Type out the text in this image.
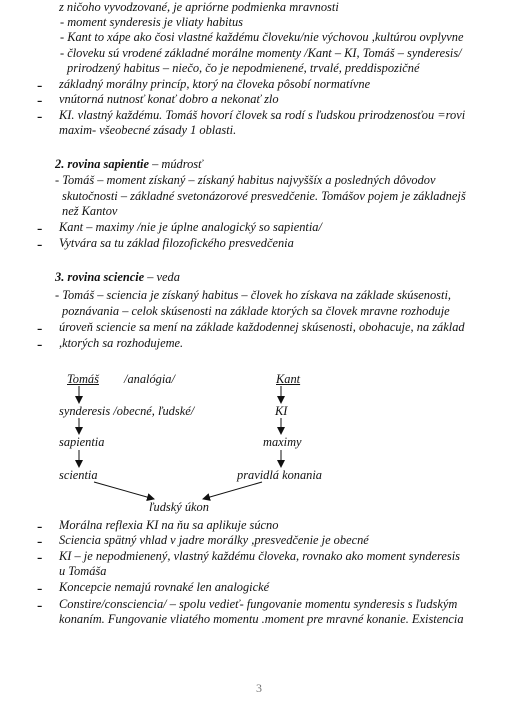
z ničoho vyvodzované, je apriórne podmienka mravnosti
- moment synderesis je vliaty habitus
- Kant to xápe ako čosi vlastné každému človeku/nie výchovou ,kultúrou ovplyvne
- človeku sú vrodené základné morálne momenty /Kant – KI, Tomáš – synderesis/
prirodzený habitus – niečo, čo je nepodmienené, trvalé, preddispozičné
- základný morálny princíp, ktorý na človeka pôsobí normatívne
- vnútorná nutnosť konať dobro a nekonať zlo
- KI. vlastný každému. Tomáš hovorí človek sa rodí s ľudskou prirodzenosťou =rovi
maxim- všeobecné zásady 1 oblasti.
2. rovina sapientie – múdrosť
- Tomáš – moment získaný – získaný habitus najvyššíx a posledných dôvodov
skutočnosti – základné svetonázorové presvedčenie. Tomášov pojem je základnejš
než Kantov
- Kant – maximy /nie je úplne analogický so sapientia/
- Vytvára sa tu základ filozofického presvedčenia
3. rovina sciencie – veda
- Tomáš – sciencia je získaný habitus – človek ho získava na základe skúsenosti,
poznávania – celok skúsenosti na základe ktorých sa človek mravne rozhoduje
- úroveň sciencie sa mení na základe každodennej skúsenosti, obohacuje, na základ
- ,ktorých sa rozhodujeme.
Tomáš /analógia/	Kant
synderesis /obecné, ľudské/	KI
sapientia	maximy
scientia	pravidlá konania
ľudský úkon
- Morálna reflexia KI na ňu sa aplikuje súcno
- Sciencia spätný vhlad v jadre morálky ,presvedčenie je obecné
- KI – je nepodmienený, vlastný každému človeka, rovnako ako moment synderesis
u Tomáša
- Koncepcie nemajú rovnaké len analogické
- Constire/consciencia/ – spolu vedieť- fungovanie momentu synderesis s ľudským
konaním. Fungovanie vliatého momentu .moment pre mravné konanie. Existencia
3
